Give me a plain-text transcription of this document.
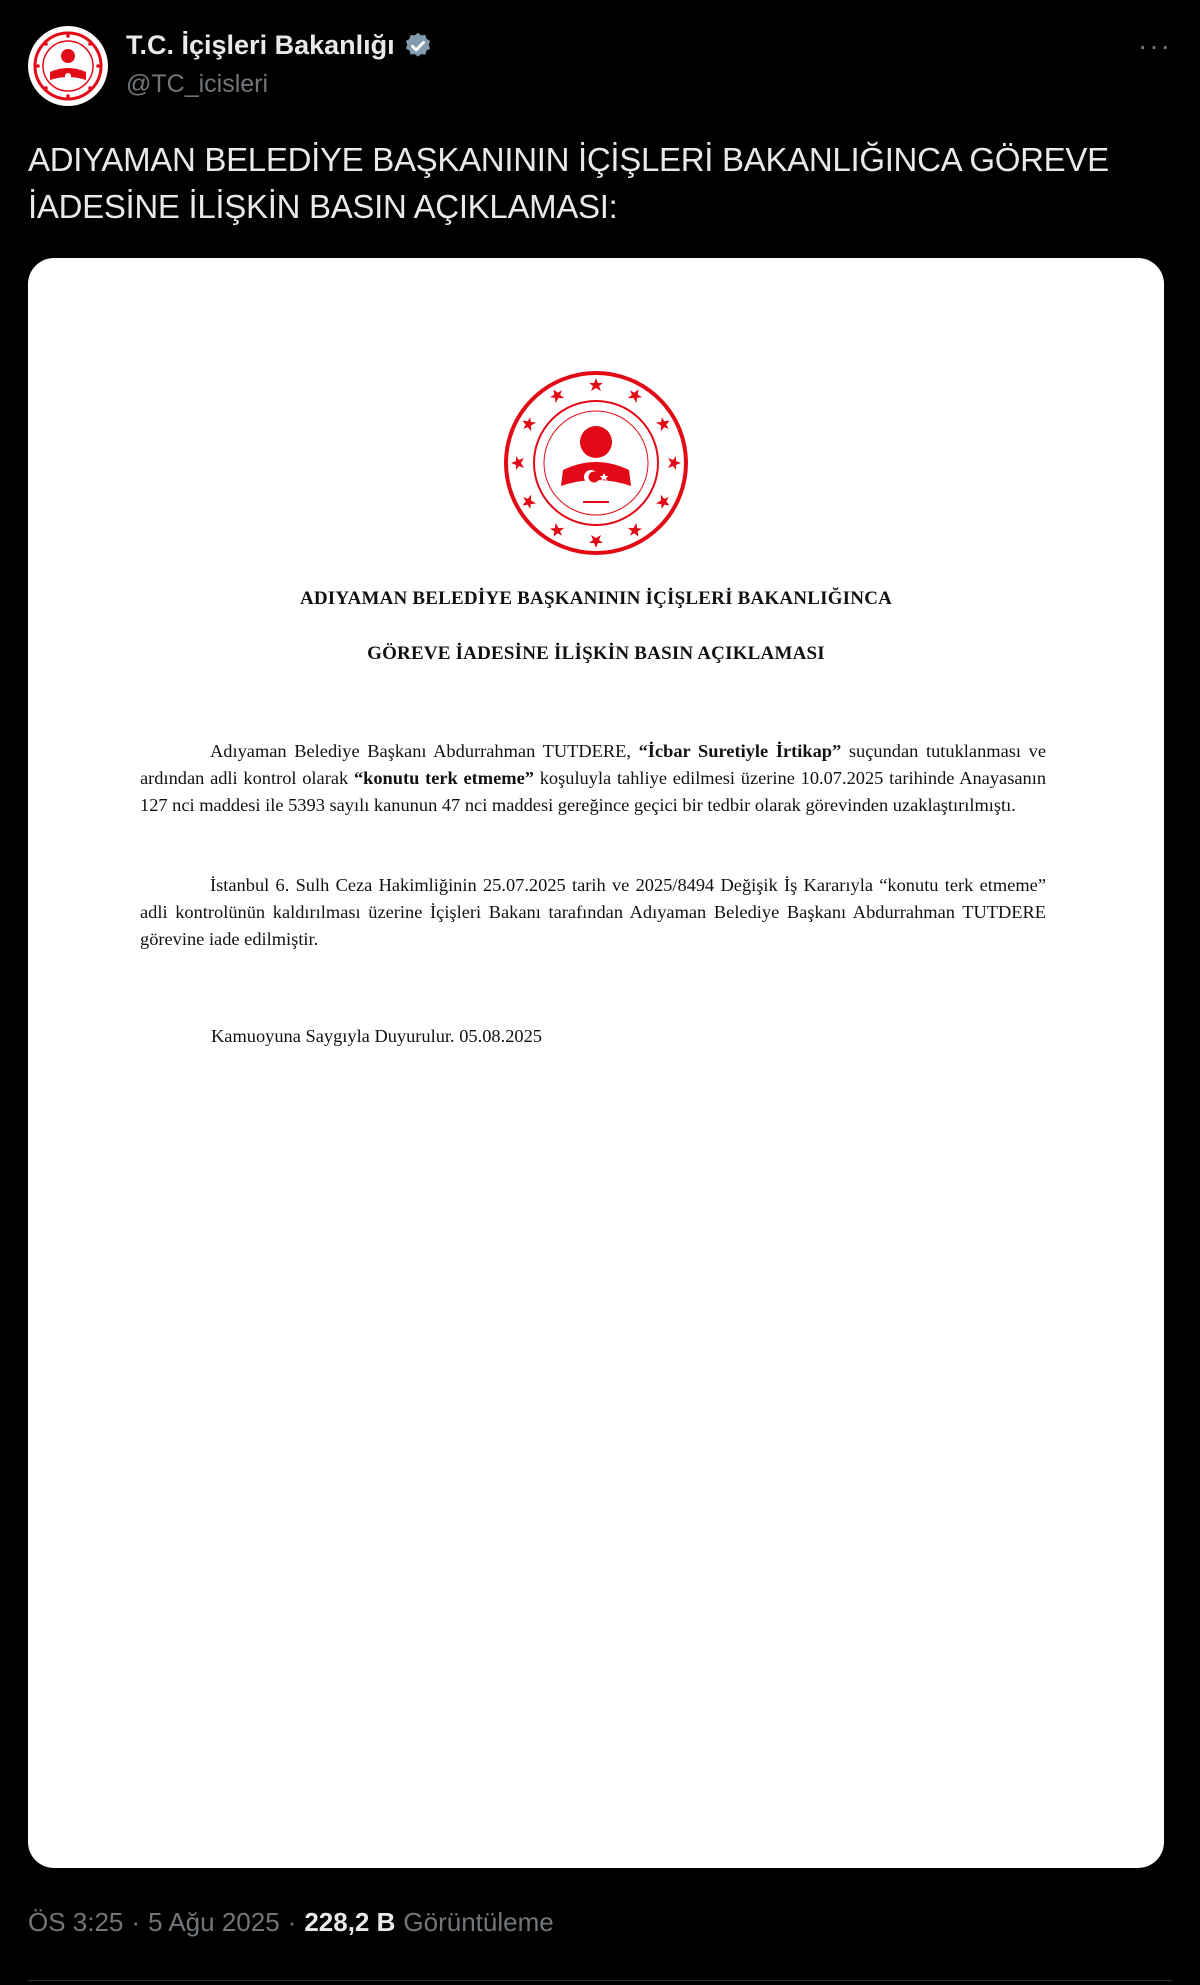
T.C. İçişleri Bakanlığı
@TC_icisleri
···
ADIYAMAN BELEDİYE BAŞKANININ İÇİŞLERİ BAKANLIĞINCA GÖREVE İADESİNE İLİŞKİN BASIN AÇIKLAMASI:
ADIYAMAN BELEDİYE BAŞKANININ İÇİŞLERİ BAKANLIĞINCA
GÖREVE İADESİNE İLİŞKİN BASIN AÇIKLAMASI
Adıyaman Belediye Başkanı Abdurrahman TUTDERE, “İcbar Suretiyle İrtikap” suçundan tutuklanması ve ardından adli kontrol olarak “konutu terk etmeme” koşuluyla tahliye edilmesi üzerine 10.07.2025 tarihinde Anayasanın 127 nci maddesi ile 5393 sayılı kanunun 47 nci maddesi gereğince geçici bir tedbir olarak görevinden uzaklaştırılmıştı.
İstanbul 6. Sulh Ceza Hakimliğinin 25.07.2025 tarih ve 2025/8494 Değişik İş Kararıyla “konutu terk etmeme” adli kontrolünün kaldırılması üzerine İçişleri Bakanı tarafından Adıyaman Belediye Başkanı Abdurrahman TUTDERE görevine iade edilmiştir.
Kamuoyuna Saygıyla Duyurulur. 05.08.2025
ÖS 3:25 · 5 Ağu 2025 · 228,2 B Görüntüleme
